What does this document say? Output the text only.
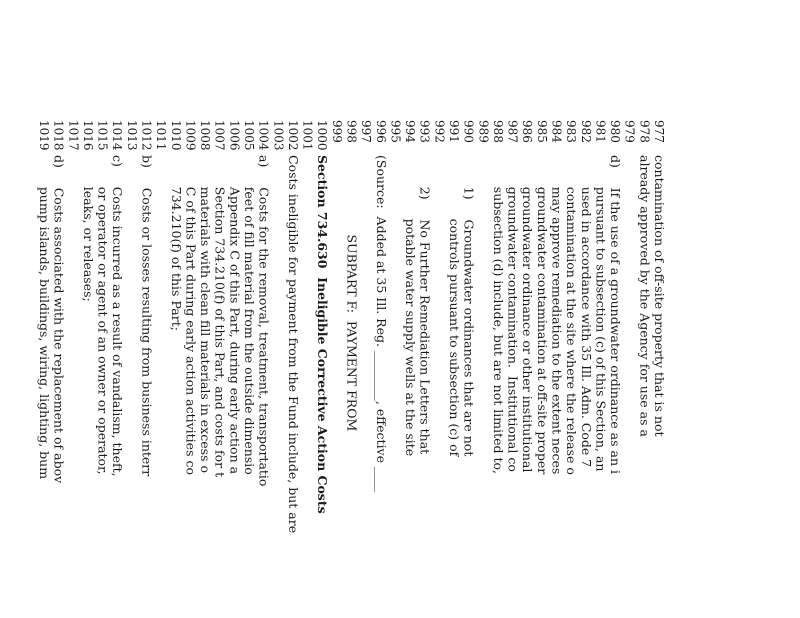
977
contamination of off-site property that is not
978
already approved by the Agency for use as a
979
980
d)     If the use of a groundwater ordinance as an i
981
pursuant to subsection (c) of this Section, an
982
used in accordance with 35 Ill. Adm. Code 7
983
contamination at the site where the release o
984
may approve remediation to the extent neces
985
groundwater contamination at off-site proper
986
groundwater ordinance or other institutional
987
groundwater contamination.  Institutional co
988
subsection (d) include, but are not limited to,
989
990
1)     Groundwater ordinances that are not
991
controls pursuant to subsection (c) of
992
993
2)     No Further Remediation Letters that
994
potable water supply wells at the site
995
996
(Source:  Added at 35 Ill. Reg. ________, effective ____
997
998
SUBPART F:  PAYMENT FROM
999
1000
Section 734.630  Ineligible Corrective Action Costs
1001
1002
Costs ineligible for payment from the Fund include, but are
1003
1004
a)     Costs for the removal, treatment, transportatio
1005
feet of fill material from the outside dimensio
1006
Appendix C of this Part, during early action a
1007
Section 734.210(f) of this Part, and costs for t
1008
materials with clean fill materials in excess o
1009
C of this Part during early action activities co
1010
734.210(f) of this Part;
1011
1012
b)     Costs or losses resulting from business interr
1013
1014
c)     Costs incurred as a result of vandalism, theft,
1015
or operator or agent of an owner or operator,
1016
leaks, or releases;
1017
1018
d)     Costs associated with the replacement of abov
1019
pump islands, buildings, wiring, lighting, bum
